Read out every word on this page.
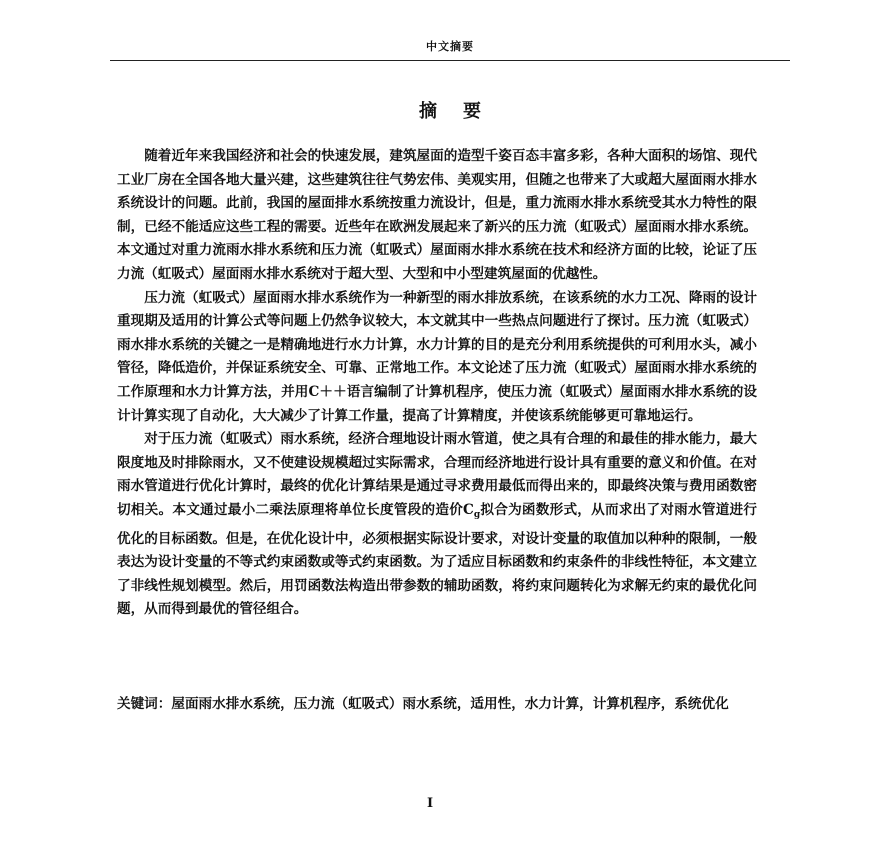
中文摘要
摘要

随着近年来我国经济和社会的快速发展，建筑屋面的造型千姿百态丰富多彩，各种大面积的场馆、现代工业厂房在全国各地大量兴建，这些建筑往往气势宏伟、美观实用，但随之也带来了大或超大屋面雨水排水系统设计的问题。此前，我国的屋面排水系统按重力流设计，但是，重力流雨水排水系统受其水力特性的限制，已经不能适应这些工程的需要。近些年在欧洲发展起来了新兴的压力流（虹吸式）屋面雨水排水系统。本文通过对重力流雨水排水系统和压力流（虹吸式）屋面雨水排水系统在技术和经济方面的比较，论证了压力流（虹吸式）屋面雨水排水系统对于超大型、大型和中小型建筑屋面的优越性。

压力流（虹吸式）屋面雨水排水系统作为一种新型的雨水排放系统，在该系统的水力工况、降雨的设计重现期及适用的计算公式等问题上仍然争议较大，本文就其中一些热点问题进行了探讨。压力流（虹吸式）雨水排水系统的关键之一是精确地进行水力计算，水力计算的目的是充分利用系统提供的可利用水头，减小管径，降低造价，并保证系统安全、可靠、正常地工作。本文论述了压力流（虹吸式）屋面雨水排水系统的工作原理和水力计算方法，并用C＋＋语言编制了计算机程序，使压力流（虹吸式）屋面雨水排水系统的设计计算实现了自动化，大大减少了计算工作量，提高了计算精度，并使该系统能够更可靠地运行。

对于压力流（虹吸式）雨水系统，经济合理地设计雨水管道，使之具有合理的和最佳的排水能力，最大限度地及时排除雨水，又不使建设规模超过实际需求，合理而经济地进行设计具有重要的意义和价值。在对雨水管道进行优化计算时，最终的优化计算结果是通过寻求费用最低而得出来的，即最终决策与费用函数密切相关。本文通过最小二乘法原理将单位长度管段的造价$C_g$拟合为函数形式，从而求出了对雨水管道进行优化的目标函数。但是，在优化设计中，必须根据实际设计要求，对设计变量的取值加以种种的限制，一般表达为设计变量的不等式约束函数或等式约束函数。为了适应目标函数和约束条件的非线性特征，本文建立了非线性规划模型。然后，用罚函数法构造出带参数的辅助函数，将约束问题转化为求解无约束的最优化问题，从而得到最优的管径组合。

关键词： 屋面雨水排水系统，压力流（虹吸式）雨水系统，适用性，水力计算，计算机程序，系统优化
I
